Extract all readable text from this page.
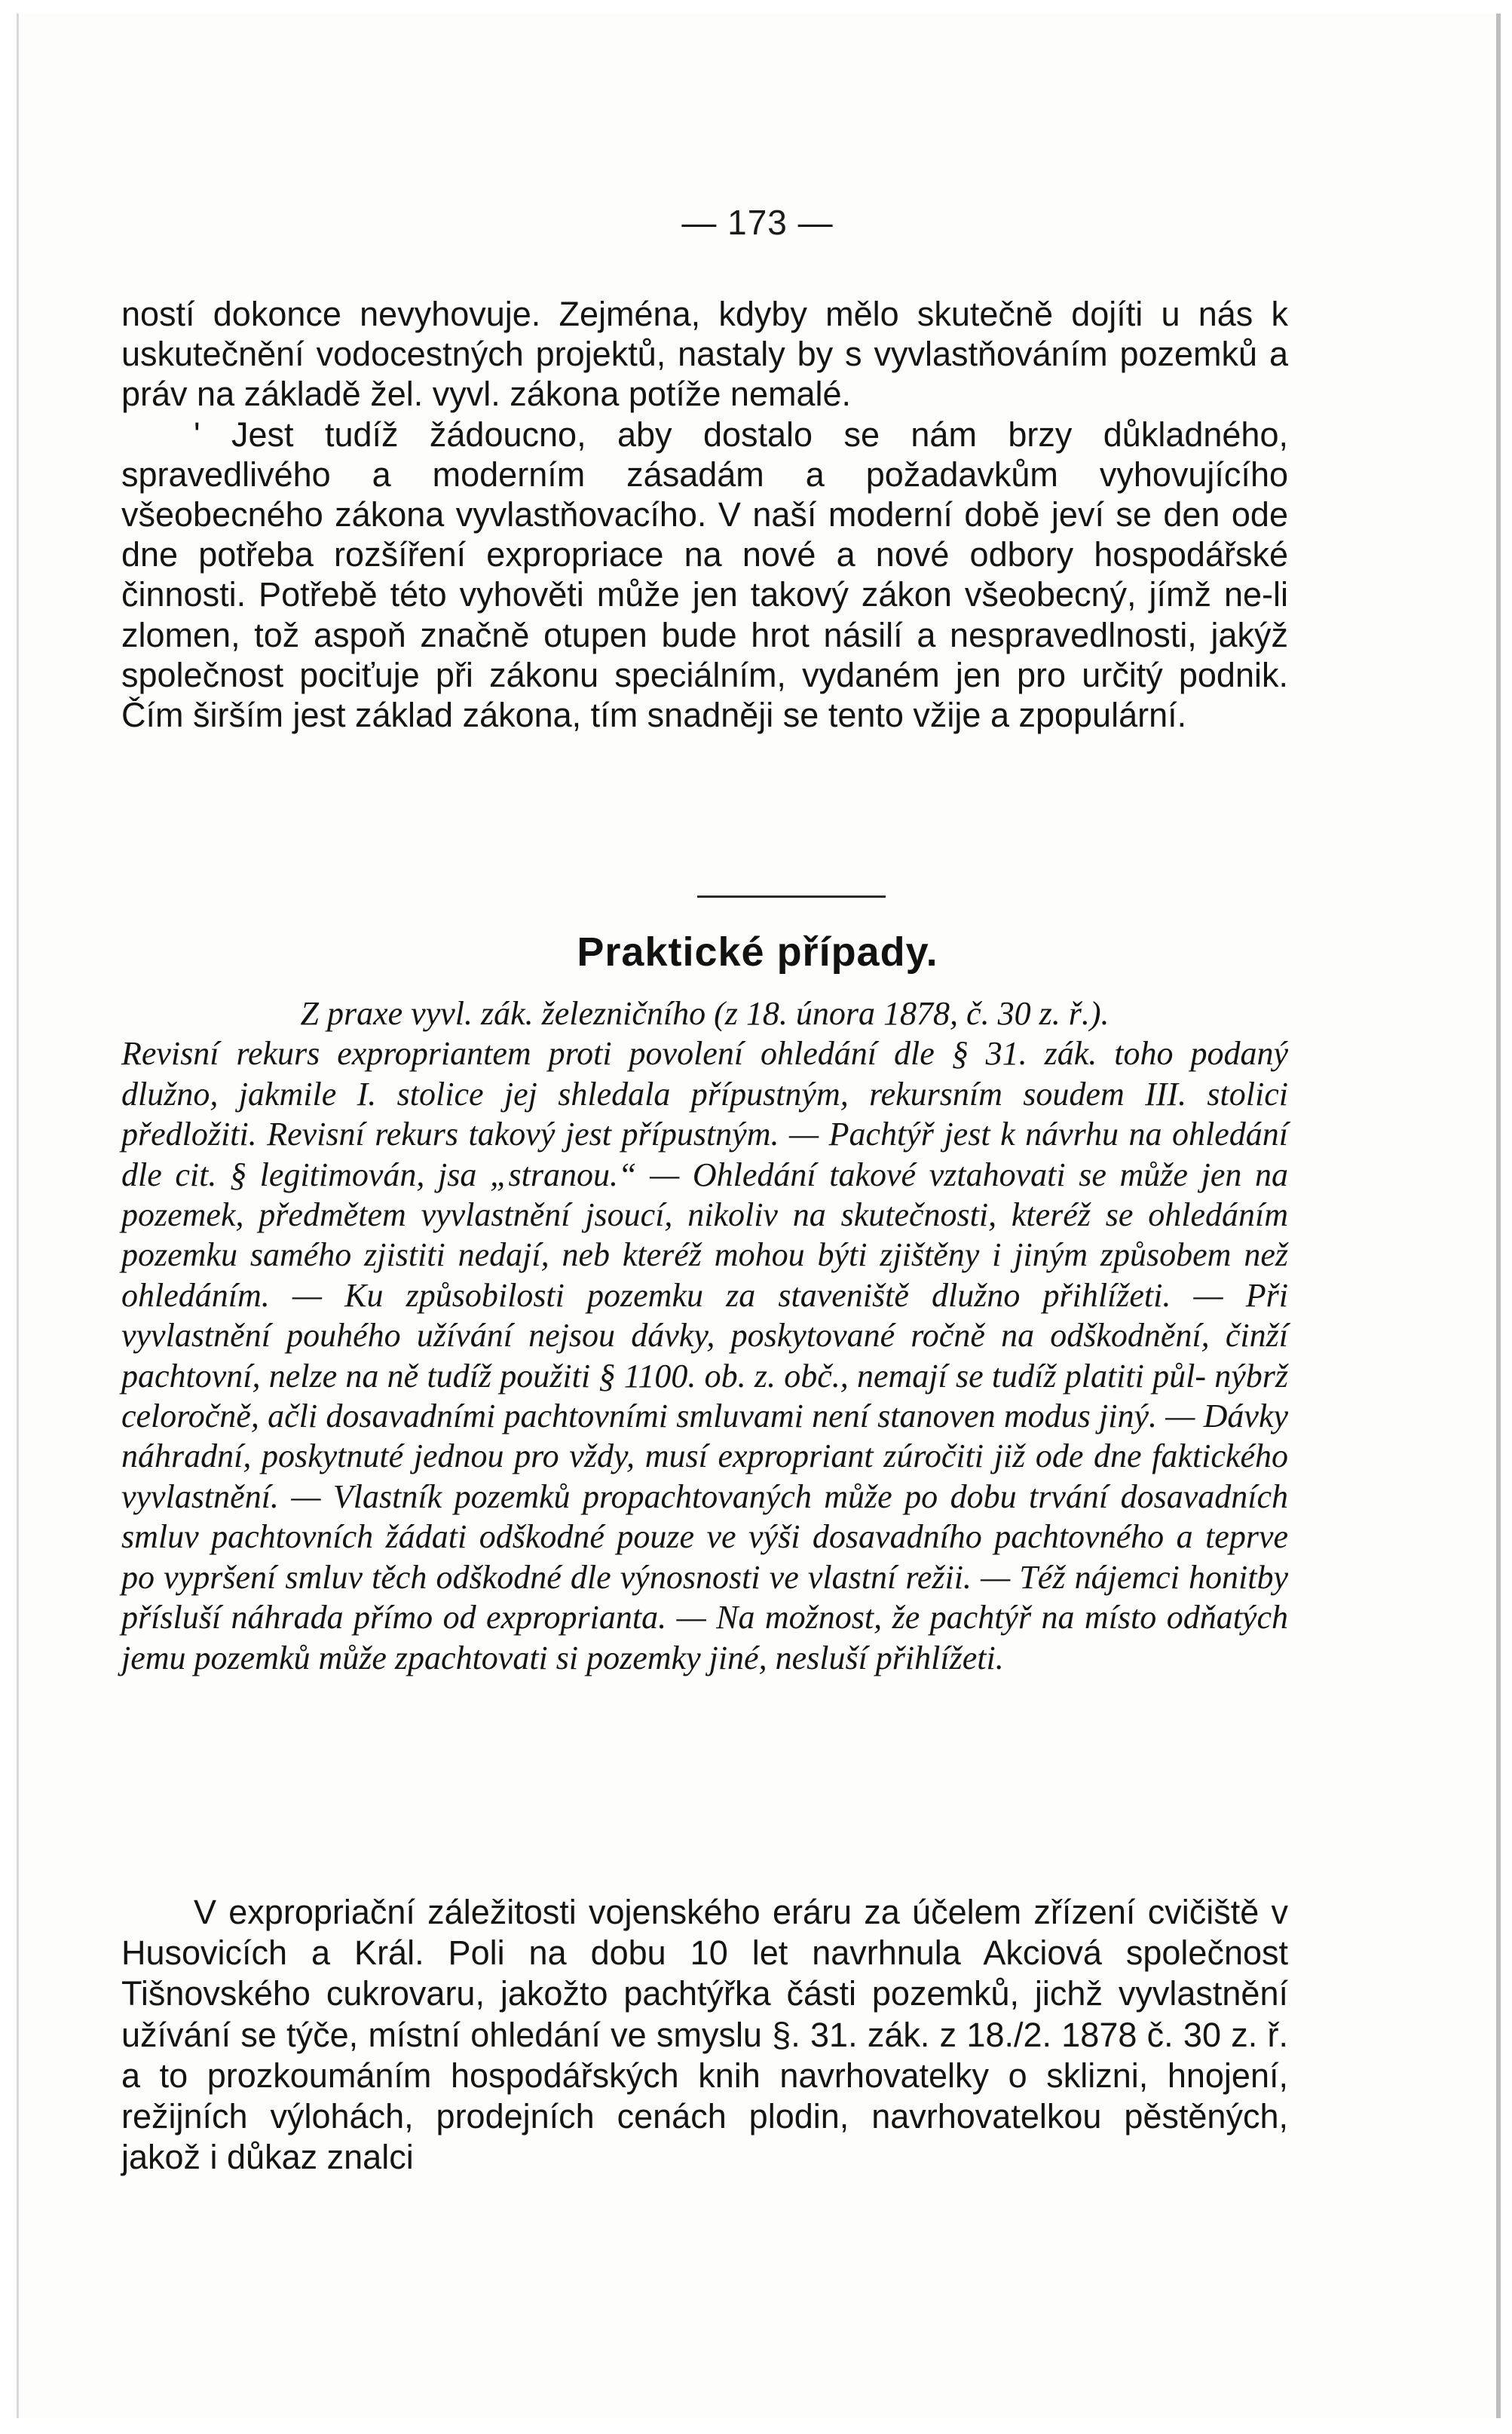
— 173 —

ností dokonce nevyhovuje. Zejména, kdyby mělo skutečně dojíti u nás k uskutečnění vodocestných projektů, nastaly by s vyvlastňováním pozemků a práv na základě žel. vyvl. zákona potíže nemalé.

' Jest tudíž žádoucno, aby dostalo se nám brzy důkladného, spravedlivého a moderním zásadám a požadavkům vyhovujícího všeobecného zákona vyvlastňovacího. V naší moderní době jeví se den ode dne potřeba rozšíření expropriace na nové a nové odbory hospodářské činnosti. Potřebě této vyhověti může jen takový zákon všeobecný, jímž ne-li zlomen, tož aspoň značně otupen bude hrot násilí a nespravedlnosti, jakýž společnost pociťuje při zákonu speciálním, vydaném jen pro určitý podnik. Čím širším jest základ zákona, tím snadněji se tento vžije a zpopulární.

Praktické případy.

Z praxe vyvl. zák. železničního (z 18. února 1878, č. 30 z. ř.).

Revisní rekurs expropriantem proti povolení ohledání dle § 31. zák. toho podaný dlužno, jakmile I. stolice jej shledala přípustným, rekursním soudem III. stolici předložiti. Revisní rekurs takový jest přípustným. — Pachtýř jest k návrhu na ohledání dle cit. § legitimován, jsa „stranou.“ — Ohledání takové vztahovati se může jen na pozemek, předmětem vyvlastnění jsoucí, nikoliv na skutečnosti, kteréž se ohledáním pozemku samého zjistiti nedají, neb kteréž mohou býti zjištěny i jiným způsobem než ohledáním. — Ku způsobilosti pozemku za staveniště dlužno přihlížeti. — Při vyvlastnění pouhého užívání nejsou dávky, poskytované ročně na odškodnění, činží pachtovní, nelze na ně tudíž použiti § 1100. ob. z. obč., nemají se tudíž platiti půl- nýbrž celoročně, ačli dosavadními pachtovními smluvami není stanoven modus jiný. — Dávky náhradní, poskytnuté jednou pro vždy, musí expropriant zúročiti již ode dne faktického vyvlastnění. — Vlastník pozemků propachtovaných může po dobu trvání dosavadních smluv pachtovních žádati odškodné pouze ve výši dosavadního pachtovného a teprve po vypršení smluv těch odškodné dle výnosnosti ve vlastní režii. — Též nájemci honitby přísluší náhrada přímo od exproprianta. — Na možnost, že pachtýř na místo odňatých jemu pozemků může zpachtovati si pozemky jiné, nesluší přihlížeti.

V expropriační záležitosti vojenského eráru za účelem zřízení cvičiště v Husovicích a Král. Poli na dobu 10 let navrhnula Akciová společnost Tišnovského cukrovaru, jakožto pachtýřka části pozemků, jichž vyvlastnění užívání se týče, místní ohledání ve smyslu §. 31. zák. z 18./2. 1878 č. 30 z. ř. a to prozkoumáním hospodářských knih navrhovatelky o sklizni, hnojení, režijních výlohách, prodejních cenách plodin, navrhovatelkou pěstěných, jakož i důkaz znalci
